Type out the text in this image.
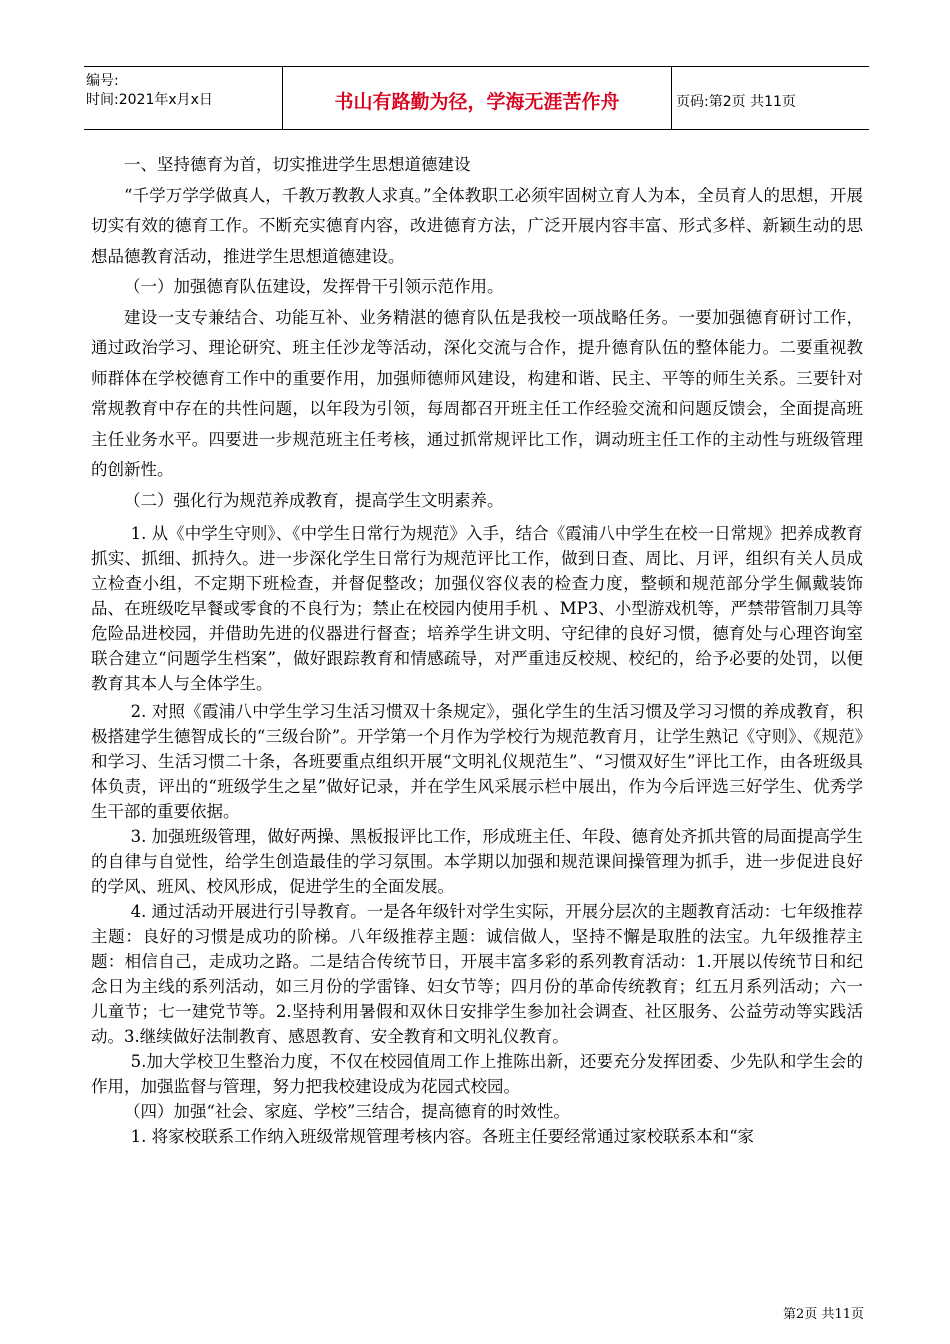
编号:
时间:2021年x月x日	书山有路勤为径，学海无涯苦作舟	页码:第2页 共11页

一、坚持德育为首，切实推进学生思想道德建设

“千学万学学做真人，千教万教教人求真。”全体教职工必须牢固树立育人为本，全员育人的思想，开展切实有效的德育工作。不断充实德育内容，改进德育方法，广泛开展内容丰富、形式多样、新颖生动的思想品德教育活动，推进学生思想道德建设。

（一）加强德育队伍建设，发挥骨干引领示范作用。

建设一支专兼结合、功能互补、业务精湛的德育队伍是我校一项战略任务。一要加强德育研讨工作，通过政治学习、理论研究、班主任沙龙等活动，深化交流与合作，提升德育队伍的整体能力。二要重视教师群体在学校德育工作中的重要作用，加强师德师风建设，构建和谐、民主、平等的师生关系。三要针对常规教育中存在的共性问题，以年段为引领，每周都召开班主任工作经验交流和问题反馈会，全面提高班主任业务水平。四要进一步规范班主任考核，通过抓常规评比工作，调动班主任工作的主动性与班级管理的创新性。

（二）强化行为规范养成教育，提高学生文明素养。

1. 从《中学生守则》、《中学生日常行为规范》入手，结合《霞浦八中学生在校一日常规》把养成教育抓实、抓细、抓持久。进一步深化学生日常行为规范评比工作，做到日查、周比、月评，组织有关人员成立检查小组，不定期下班检查，并督促整改；加强仪容仪表的检查力度，整顿和规范部分学生佩戴装饰品、在班级吃早餐或零食的不良行为；禁止在校园内使用手机 、MP3、小型游戏机等，严禁带管制刀具等危险品进校园，并借助先进的仪器进行督查；培养学生讲文明、守纪律的良好习惯，德育处与心理咨询室联合建立“问题学生档案”，做好跟踪教育和情感疏导，对严重违反校规、校纪的，给予必要的处罚，以便教育其本人与全体学生。

2. 对照《霞浦八中学生学习生活习惯双十条规定》，强化学生的生活习惯及学习习惯的养成教育，积极搭建学生德智成长的“三级台阶”。开学第一个月作为学校行为规范教育月，让学生熟记《守则》、《规范》和学习、生活习惯二十条，各班要重点组织开展“文明礼仪规范生”、“习惯双好生”评比工作，由各班级具体负责，评出的“班级学生之星”做好记录，并在学生风采展示栏中展出，作为今后评选三好学生、优秀学生干部的重要依据。

3. 加强班级管理，做好两操、黑板报评比工作，形成班主任、年段、德育处齐抓共管的局面提高学生的自律与自觉性，给学生创造最佳的学习氛围。本学期以加强和规范课间操管理为抓手，进一步促进良好的学风、班风、校风形成，促进学生的全面发展。

4. 通过活动开展进行引导教育。一是各年级针对学生实际，开展分层次的主题教育活动：七年级推荐主题：良好的习惯是成功的阶梯。八年级推荐主题：诚信做人，坚持不懈是取胜的法宝。九年级推荐主题：相信自己，走成功之路。二是结合传统节日，开展丰富多彩的系列教育活动：1.开展以传统节日和纪念日为主线的系列活动，如三月份的学雷锋、妇女节等；四月份的革命传统教育；红五月系列活动；六一儿童节；七一建党节等。2.坚持利用暑假和双休日安排学生参加社会调查、社区服务、公益劳动等实践活动。3.继续做好法制教育、感恩教育、安全教育和文明礼仪教育。

5.加大学校卫生整治力度，不仅在校园值周工作上推陈出新，还要充分发挥团委、少先队和学生会的作用，加强监督与管理，努力把我校建设成为花园式校园。

（四）加强“社会、家庭、学校”三结合，提高德育的时效性。

1. 将家校联系工作纳入班级常规管理考核内容。各班主任要经常通过家校联系本和“家

第2页 共11页
